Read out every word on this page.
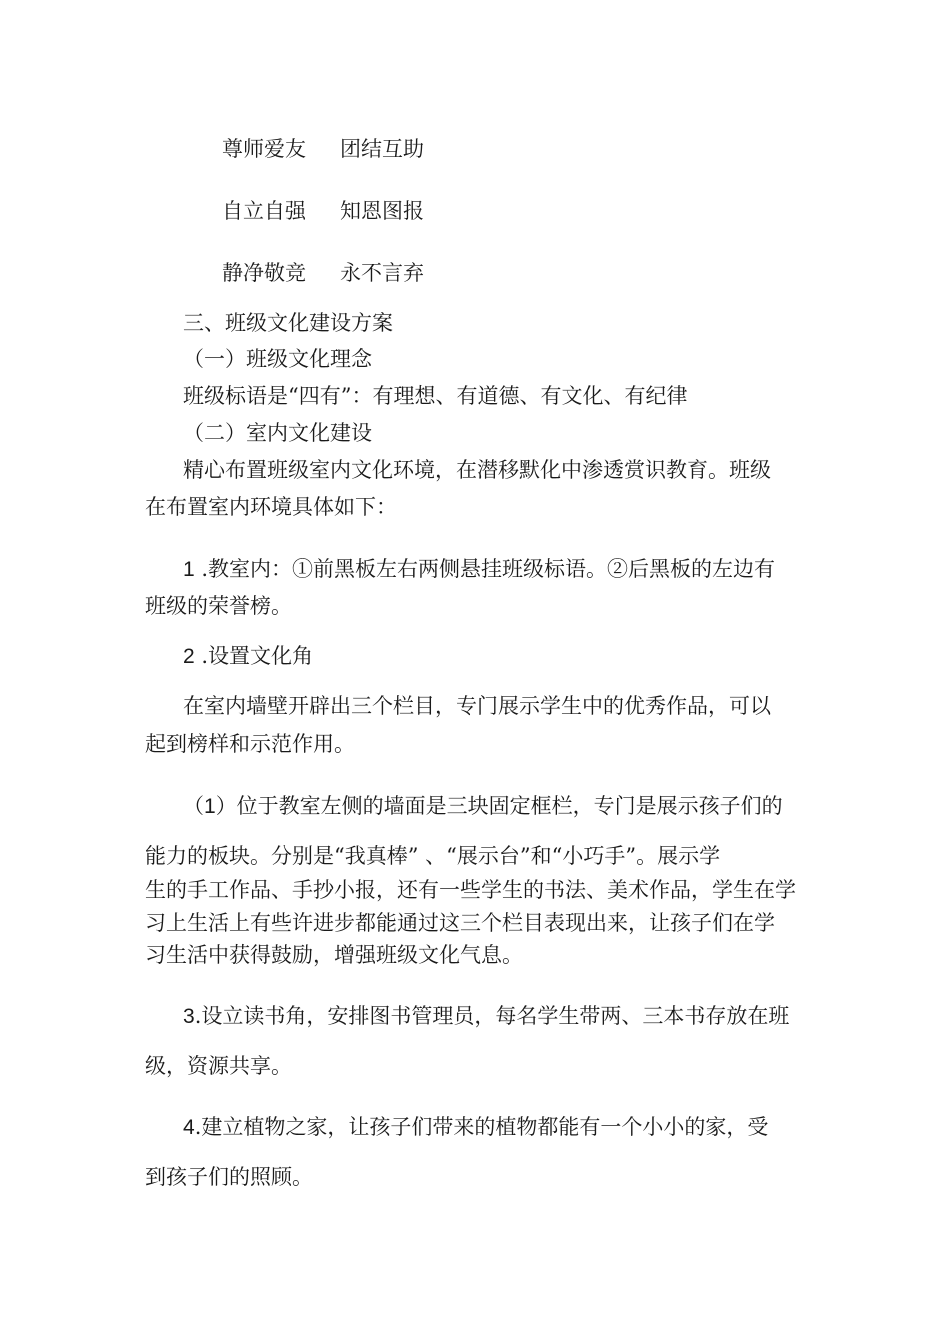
尊师爱友 团结互助
自立自强 知恩图报
静净敬竞 永不言弃
三、班级文化建设方案
（一）班级文化理念
班级标语是“四有”：有理想、有道德、有文化、有纪律
（二）室内文化建设
精心布置班级室内文化环境，在潜移默化中渗透赏识教育。班级
在布置室内环境具体如下：
1 .教室内：①前黑板左右两侧悬挂班级标语。②后黑板的左边有
班级的荣誉榜。
2 .设置文化角
在室内墙壁开辟出三个栏目，专门展示学生中的优秀作品，可以
起到榜样和示范作用。
（1）位于教室左侧的墙面是三块固定框栏，专门是展示孩子们的
能力的板块。分别是“我真棒” 、“展示台”和“小巧手”。展示学
生的手工作品、手抄小报，还有一些学生的书法、美术作品，学生在学
习上生活上有些许进步都能通过这三个栏目表现出来，让孩子们在学
习生活中获得鼓励，增强班级文化气息。
3.设立读书角，安排图书管理员，每名学生带两、三本书存放在班
级，资源共享。
4.建立植物之家，让孩子们带来的植物都能有一个小小的家，受
到孩子们的照顾。
